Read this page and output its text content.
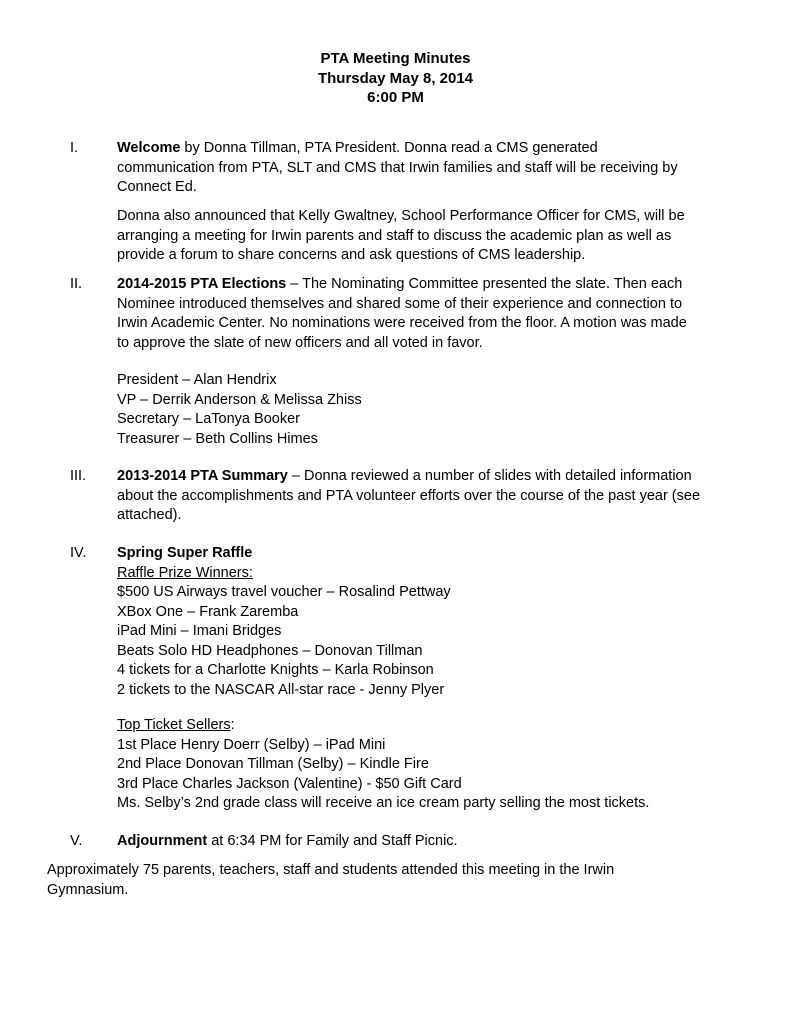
PTA Meeting Minutes
Thursday May 8, 2014
6:00 PM
I.	Welcome by Donna Tillman, PTA President. Donna read a CMS generated
communication from PTA, SLT and CMS that Irwin families and staff will be receiving by
Connect Ed.
Donna also announced that Kelly Gwaltney, School Performance Officer for CMS, will be
arranging a meeting for Irwin parents and staff to discuss the academic plan as well as
provide a forum to share concerns and ask questions of CMS leadership.
II. 2014-2015 PTA Elections – The Nominating Committee presented the slate. Then each
Nominee introduced themselves and shared some of their experience and connection to
Irwin Academic Center. No nominations were received from the floor. A motion was made
to approve the slate of new officers and all voted in favor.
President – Alan Hendrix
VP – Derrik Anderson & Melissa Zhiss
Secretary – LaTonya Booker
Treasurer – Beth Collins Himes
III. 2013-2014 PTA Summary – Donna reviewed a number of slides with detailed information
about the accomplishments and PTA volunteer efforts over the course of the past year (see
attached).
IV. Spring Super Raffle
Raffle Prize Winners:
$500 US Airways travel voucher – Rosalind Pettway
XBox One – Frank Zaremba
iPad Mini – Imani Bridges
Beats Solo HD Headphones – Donovan Tillman
4 tickets for a Charlotte Knights – Karla Robinson
2 tickets to the NASCAR All-star race - Jenny Plyer
Top Ticket Sellers:
1st Place Henry Doerr (Selby) – iPad Mini
2nd Place Donovan Tillman (Selby) – Kindle Fire
3rd Place Charles Jackson (Valentine) - $50 Gift Card
Ms. Selby’s 2nd grade class will receive an ice cream party selling the most tickets.
V. Adjournment at 6:34 PM for Family and Staff Picnic.
Approximately 75 parents, teachers, staff and students attended this meeting in the Irwin
Gymnasium.
